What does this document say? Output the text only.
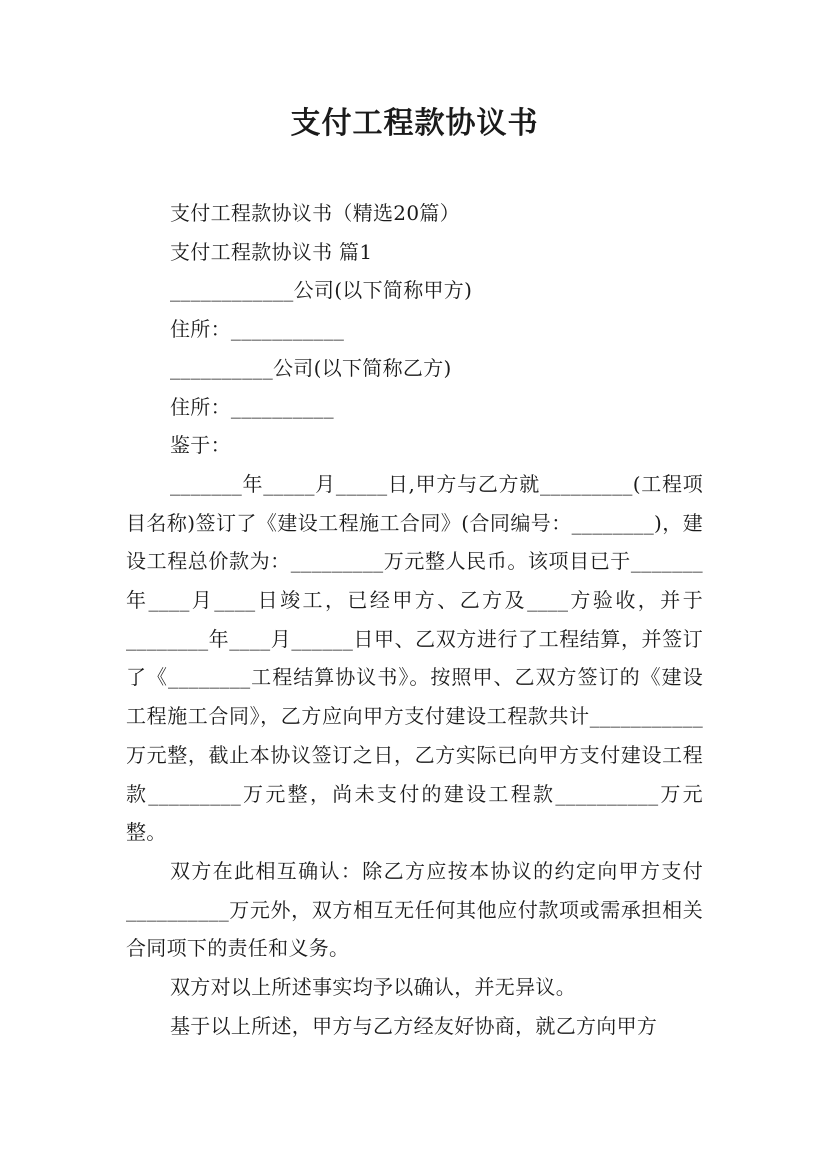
支付工程款协议书

支付工程款协议书（精选20篇）

支付工程款协议书 篇1

____________公司(以下简称甲方)

住所：___________

__________公司(以下简称乙方)

住所：__________

鉴于：

_______年_____月_____日,甲方与乙方就_________(工程项目名称)签订了《建设工程施工合同》(合同编号：________)，建设工程总价款为：_________万元整人民币。该项目已于_______年____月____日竣工，已经甲方、乙方及____方验收，并于________年____月______日甲、乙双方进行了工程结算，并签订了《________工程结算协议书》。按照甲、乙双方签订的《建设工程施工合同》，乙方应向甲方支付建设工程款共计___________万元整，截止本协议签订之日，乙方实际已向甲方支付建设工程款_________万元整，尚未支付的建设工程款__________万元整。

双方在此相互确认：除乙方应按本协议的约定向甲方支付__________万元外，双方相互无任何其他应付款项或需承担相关合同项下的责任和义务。

双方对以上所述事实均予以确认，并无异议。

基于以上所述，甲方与乙方经友好协商，就乙方向甲方
